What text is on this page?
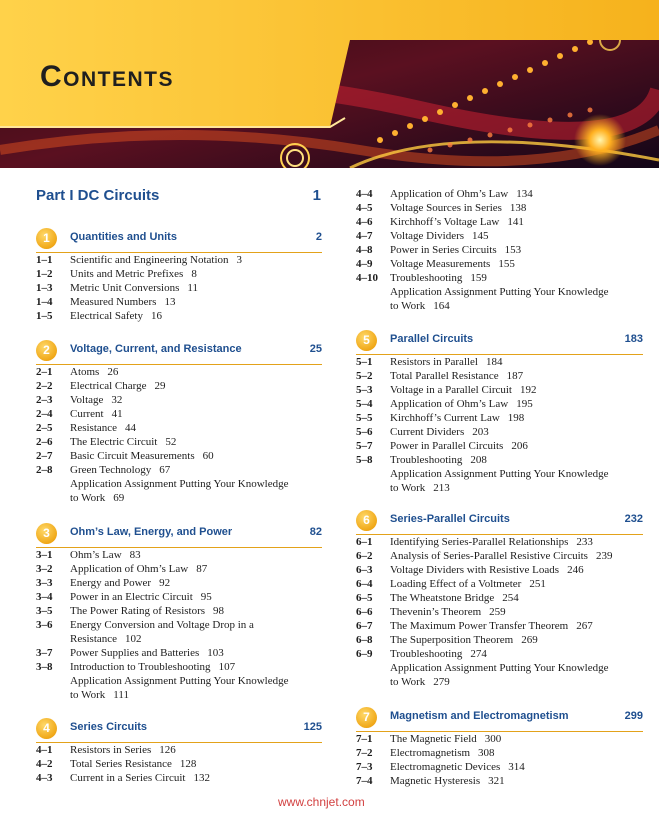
Contents
Part I DC Circuits	1
1	Quantities and Units	2
1–1 Scientific and Engineering Notation 3
1–2 Units and Metric Prefixes 8
1–3 Metric Unit Conversions 11
1–4 Measured Numbers 13
1–5 Electrical Safety 16
2	Voltage, Current, and Resistance	25
2–1 Atoms 26
2–2 Electrical Charge 29
2–3 Voltage 32
2–4 Current 41
2–5 Resistance 44
2–6 The Electric Circuit 52
2–7 Basic Circuit Measurements 60
2–8 Green Technology 67
Application Assignment Putting Your Knowledge
to Work 69
3	Ohm’s Law, Energy, and Power	82
3–1 Ohm’s Law 83
3–2 Application of Ohm’s Law 87
3–3 Energy and Power 92
3–4 Power in an Electric Circuit 95
3–5 The Power Rating of Resistors 98
3–6 Energy Conversion and Voltage Drop in a
Resistance 102
3–7 Power Supplies and Batteries 103
3–8 Introduction to Troubleshooting 107
Application Assignment Putting Your Knowledge
to Work 111
4	Series Circuits	125
4–1 Resistors in Series 126
4–2 Total Series Resistance 128
4–3 Current in a Series Circuit 132
4–4 Application of Ohm’s Law 134
4–5 Voltage Sources in Series 138
4–6 Kirchhoff’s Voltage Law 141
4–7 Voltage Dividers 145
4–8 Power in Series Circuits 153
4–9 Voltage Measurements 155
4–10 Troubleshooting 159
Application Assignment Putting Your Knowledge
to Work 164
5	Parallel Circuits	183
5–1 Resistors in Parallel 184
5–2 Total Parallel Resistance 187
5–3 Voltage in a Parallel Circuit 192
5–4 Application of Ohm’s Law 195
5–5 Kirchhoff’s Current Law 198
5–6 Current Dividers 203
5–7 Power in Parallel Circuits 206
5–8 Troubleshooting 208
Application Assignment Putting Your Knowledge
to Work 213
6	Series-Parallel Circuits	232
6–1 Identifying Series-Parallel Relationships 233
6–2 Analysis of Series-Parallel Resistive Circuits 239
6–3 Voltage Dividers with Resistive Loads 246
6–4 Loading Effect of a Voltmeter 251
6–5 The Wheatstone Bridge 254
6–6 Thevenin’s Theorem 259
6–7 The Maximum Power Transfer Theorem 267
6–8 The Superposition Theorem 269
6–9 Troubleshooting 274
Application Assignment Putting Your Knowledge
to Work 279
7	Magnetism and Electromagnetism	299
7–1 The Magnetic Field 300
7–2 Electromagnetism 308
7–3 Electromagnetic Devices 314
7–4 Magnetic Hysteresis 321
www.chnjet.com
